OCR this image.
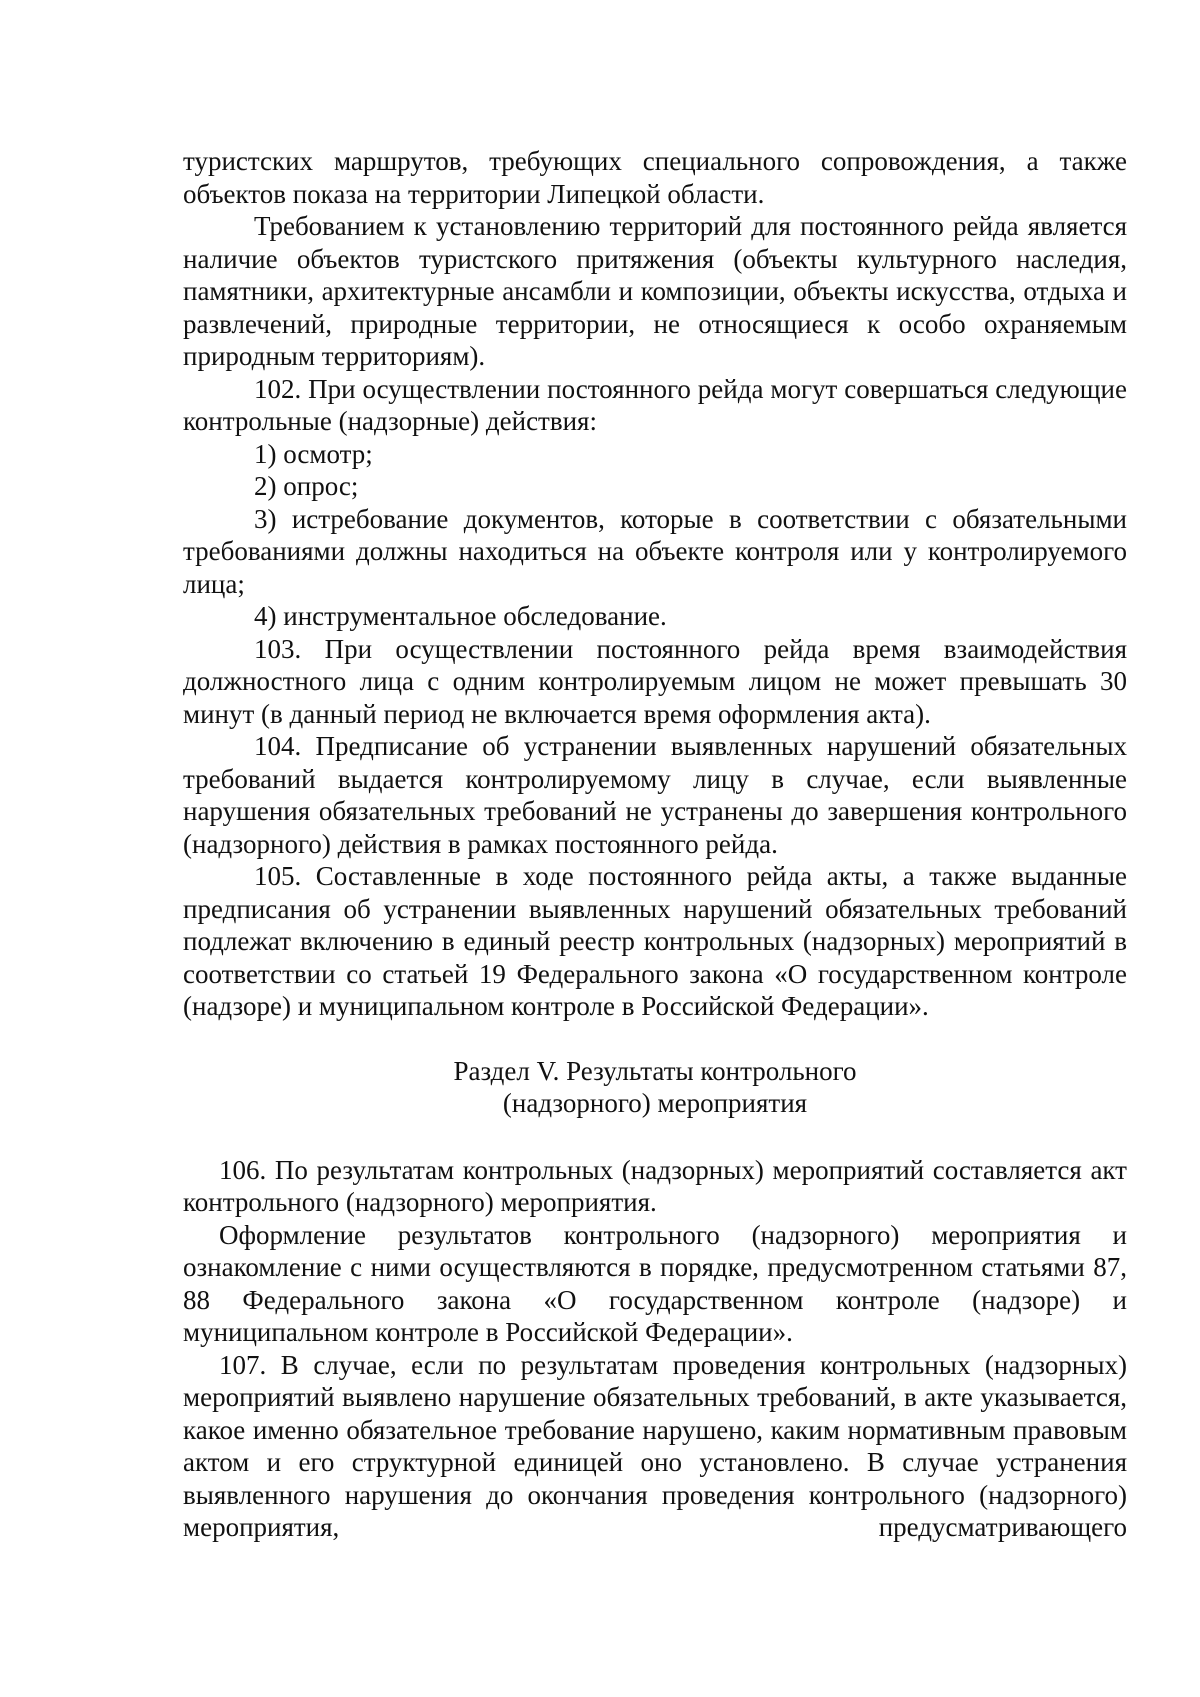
туристских маршрутов, требующих специального сопровождения, а также объектов показа на территории Липецкой области.

Требованием к установлению территорий для постоянного рейда является наличие объектов туристского притяжения (объекты культурного наследия, памятники, архитектурные ансамбли и композиции, объекты искусства, отдыха и развлечений, природные территории, не относящиеся к особо охраняемым природным территориям).

102. При осуществлении постоянного рейда могут совершаться следующие контрольные (надзорные) действия:

1) осмотр;

2) опрос;

3) истребование документов, которые в соответствии с обязательными требованиями должны находиться на объекте контроля или у контролируемого лица;

4) инструментальное обследование.

103. При осуществлении постоянного рейда время взаимодействия должностного лица с одним контролируемым лицом не может превышать 30 минут (в данный период не включается время оформления акта).

104. Предписание об устранении выявленных нарушений обязательных требований выдается контролируемому лицу в случае, если выявленные нарушения обязательных требований не устранены до завершения контрольного (надзорного) действия в рамках постоянного рейда.

105. Составленные в ходе постоянного рейда акты, а также выданные предписания об устранении выявленных нарушений обязательных требований подлежат включению в единый реестр контрольных (надзорных) мероприятий в соответствии со статьей 19 Федерального закона «О государственном контроле (надзоре) и муниципальном контроле в Российской Федерации».

Раздел V. Результаты контрольного
(надзорного) мероприятия

106. По результатам контрольных (надзорных) мероприятий составляется акт контрольного (надзорного) мероприятия.

Оформление результатов контрольного (надзорного) мероприятия и ознакомление с ними осуществляются в порядке, предусмотренном статьями 87, 88 Федерального закона «О государственном контроле (надзоре) и муниципальном контроле в Российской Федерации».

107. В случае, если по результатам проведения контрольных (надзорных) мероприятий выявлено нарушение обязательных требований, в акте указывается, какое именно обязательное требование нарушено, каким нормативным правовым актом и его структурной единицей оно установлено. В случае устранения выявленного нарушения до окончания проведения контрольного (надзорного) мероприятия, предусматривающего
